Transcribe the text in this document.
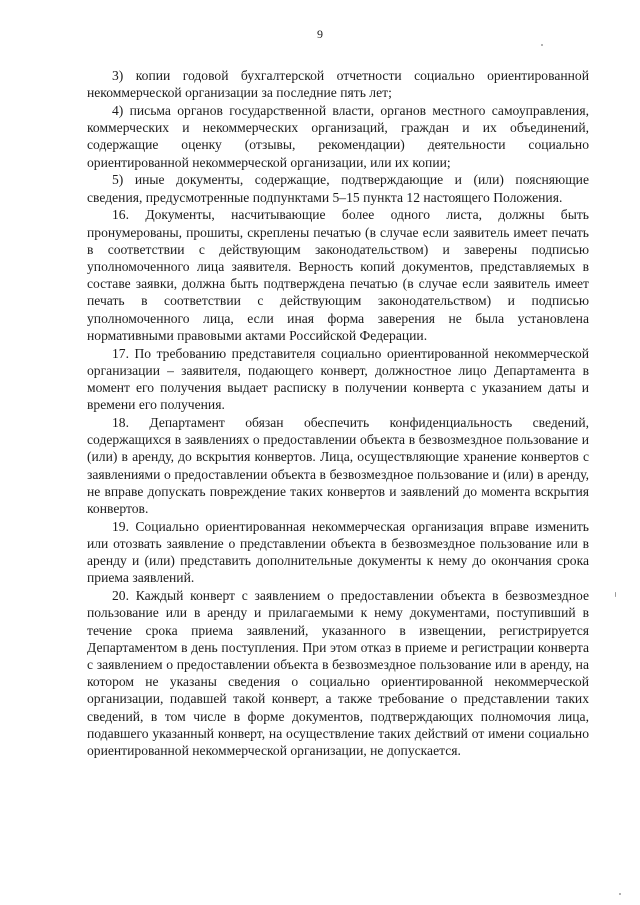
9

3) копии годовой бухгалтерской отчетности социально ориентированной некоммерческой организации за последние пять лет;

4) письма органов государственной власти, органов местного самоуправления, коммерческих и некоммерческих организаций, граждан и их объединений, содержащие оценку (отзывы, рекомендации) деятельности социально ориентированной некоммерческой организации, или их копии;

5) иные документы, содержащие, подтверждающие и (или) поясняющие сведения, предусмотренные подпунктами 5–15 пункта 12 настоящего Положения.

16. Документы, насчитывающие более одного листа, должны быть пронумерованы, прошиты, скреплены печатью (в случае если заявитель имеет печать в соответствии с действующим законодательством) и заверены подписью уполномоченного лица заявителя. Верность копий документов, представляемых в составе заявки, должна быть подтверждена печатью (в случае если заявитель имеет печать в соответствии с действующим законодательством) и подписью уполномоченного лица, если иная форма заверения не была установлена нормативными правовыми актами Российской Федерации.

17. По требованию представителя социально ориентированной некоммерческой организации – заявителя, подающего конверт, должностное лицо Департамента в момент его получения выдает расписку в получении конверта с указанием даты и времени его получения.

18. Департамент обязан обеспечить конфиденциальность сведений, содержащихся в заявлениях о предоставлении объекта в безвозмездное пользование и (или) в аренду, до вскрытия конвертов. Лица, осуществляющие хранение конвертов с заявлениями о предоставлении объекта в безвозмездное пользование и (или) в аренду, не вправе допускать повреждение таких конвертов и заявлений до момента вскрытия конвертов.

19. Социально ориентированная некоммерческая организация вправе изменить или отозвать заявление о представлении объекта в безвозмездное пользование или в аренду и (или) представить дополнительные документы к нему до окончания срока приема заявлений.

20. Каждый конверт с заявлением о предоставлении объекта в безвозмездное пользование или в аренду и прилагаемыми к нему документами, поступивший в течение срока приема заявлений, указанного в извещении, регистрируется Департаментом в день поступления. При этом отказ в приеме и регистрации конверта с заявлением о предоставлении объекта в безвозмездное пользование или в аренду, на котором не указаны сведения о социально ориентированной некоммерческой организации, подавшей такой конверт, а также требование о представлении таких сведений, в том числе в форме документов, подтверждающих полномочия лица, подавшего указанный конверт, на осуществление таких действий от имени социально ориентированной некоммерческой организации, не допускается.
